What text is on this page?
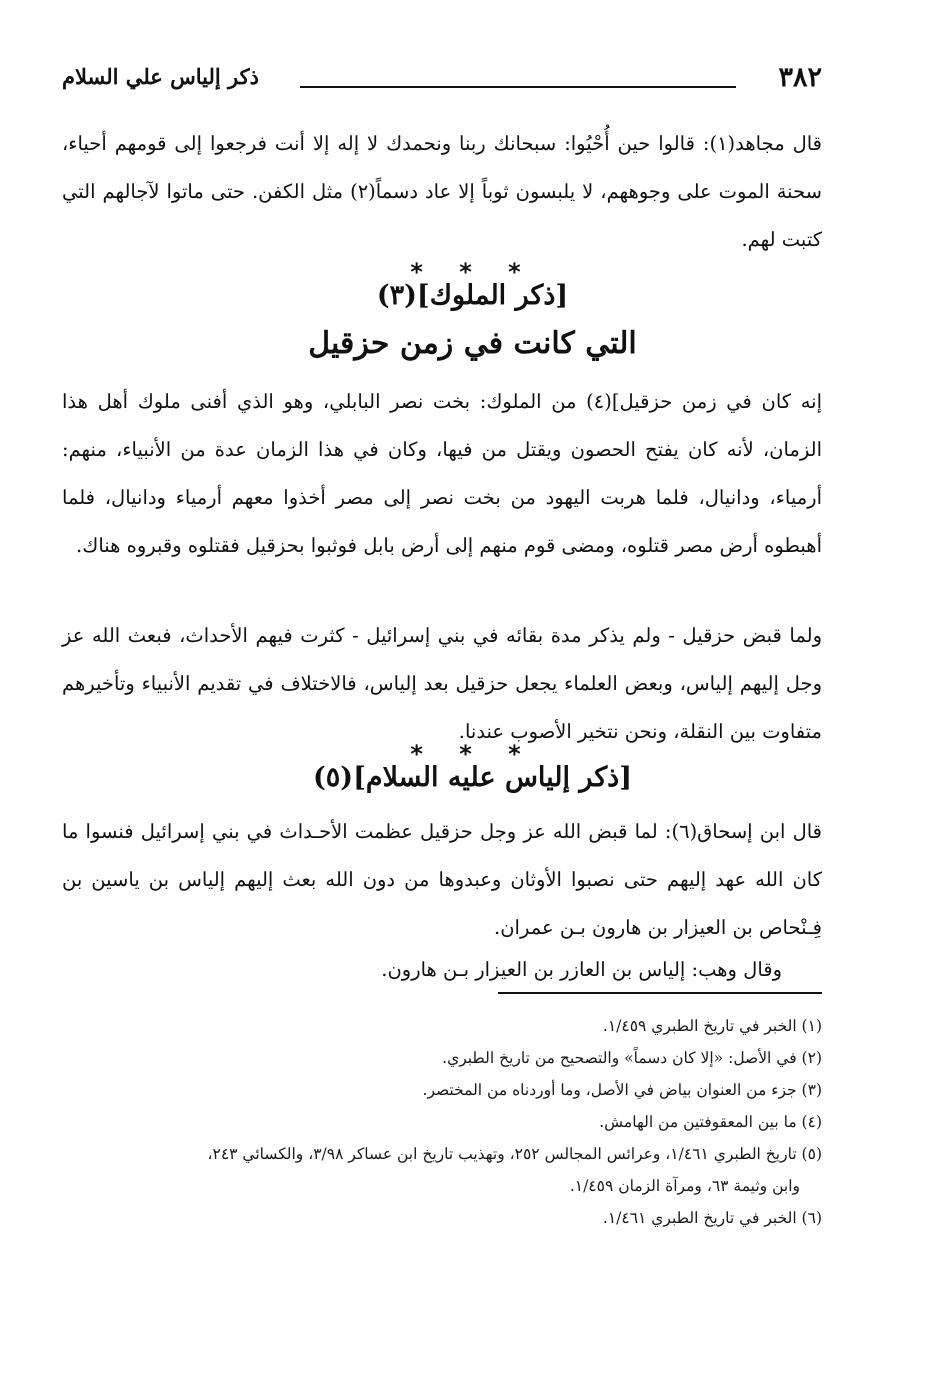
٣٨٢
ذكر إلياس علي السلام

قال مجاهد(١): قالوا حين أُحْيُوا: سبحانك ربنا ونحمدك لا إله إلا أنت فرجعوا إلى قومهم أحياء، سحنة الموت على وجوههم، لا يلبسون ثوباً إلا عاد دسماً(٢) مثل الكفن. حتى ماتوا لآجالهم التي كتبت لهم.

* * *
[ذكر الملوك](٣)
التي كانت في زمن حزقيل

إنه كان في زمن حزقيل](٤) من الملوك: بخت نصر البابلي، وهو الذي أفنى ملوك أهل هذا الزمان، لأنه كان يفتح الحصون ويقتل من فيها، وكان في هذا الزمان عدة من الأنبياء، منهم: أرمياء، ودانيال، فلما هربت اليهود من بخت نصر إلى مصر أخذوا معهم أرمياء ودانيال، فلما أهبطوه أرض مصر قتلوه، ومضى قوم منهم إلى أرض بابل فوثبوا بحزقيل فقتلوه وقبروه هناك.

ولما قبض حزقيل - ولم يذكر مدة بقائه في بني إسرائيل - كثرت فيهم الأحداث، فبعث الله عز وجل إليهم إلياس، وبعض العلماء يجعل حزقيل بعد إلياس، فالاختلاف في تقديم الأنبياء وتأخيرهم متفاوت بين النقلة، ونحن نتخير الأصوب عندنا.

* * *
[ذكر إلياس عليه السلام](٥)

قال ابن إسحاق(٦): لما قبض الله عز وجل حزقيل عظمت الأحـداث في بني إسرائيل فنسوا ما كان الله عهد إليهم حتى نصبوا الأوثان وعبدوها من دون الله بعث إليهم إلياس بن ياسين بن فِـنْحاص بن العيزار بن هارون بـن عمران.

وقال وهب: إلياس بن العازر بن العيزار بـن هارون.

(١) الخبر في تاريخ الطبري ١/٤٥٩.

(٢) في الأصل: «إلا كان دسماً» والتصحيح من تاريخ الطبري.

(٣) جزء من العنوان بياض في الأصل، وما أوردناه من المختصر.

(٤) ما بين المعقوفتين من الهامش.

(٥) تاريخ الطبري ١/٤٦١، وعرائس المجالس ٢٥٢، وتهذيب تاريخ ابن عساكر ٣/٩٨، والكسائي ٢٤٣،
وابن وثيمة ٦٣، ومرآة الزمان ١/٤٥٩.

(٦) الخبر في تاريخ الطبري ١/٤٦١.
